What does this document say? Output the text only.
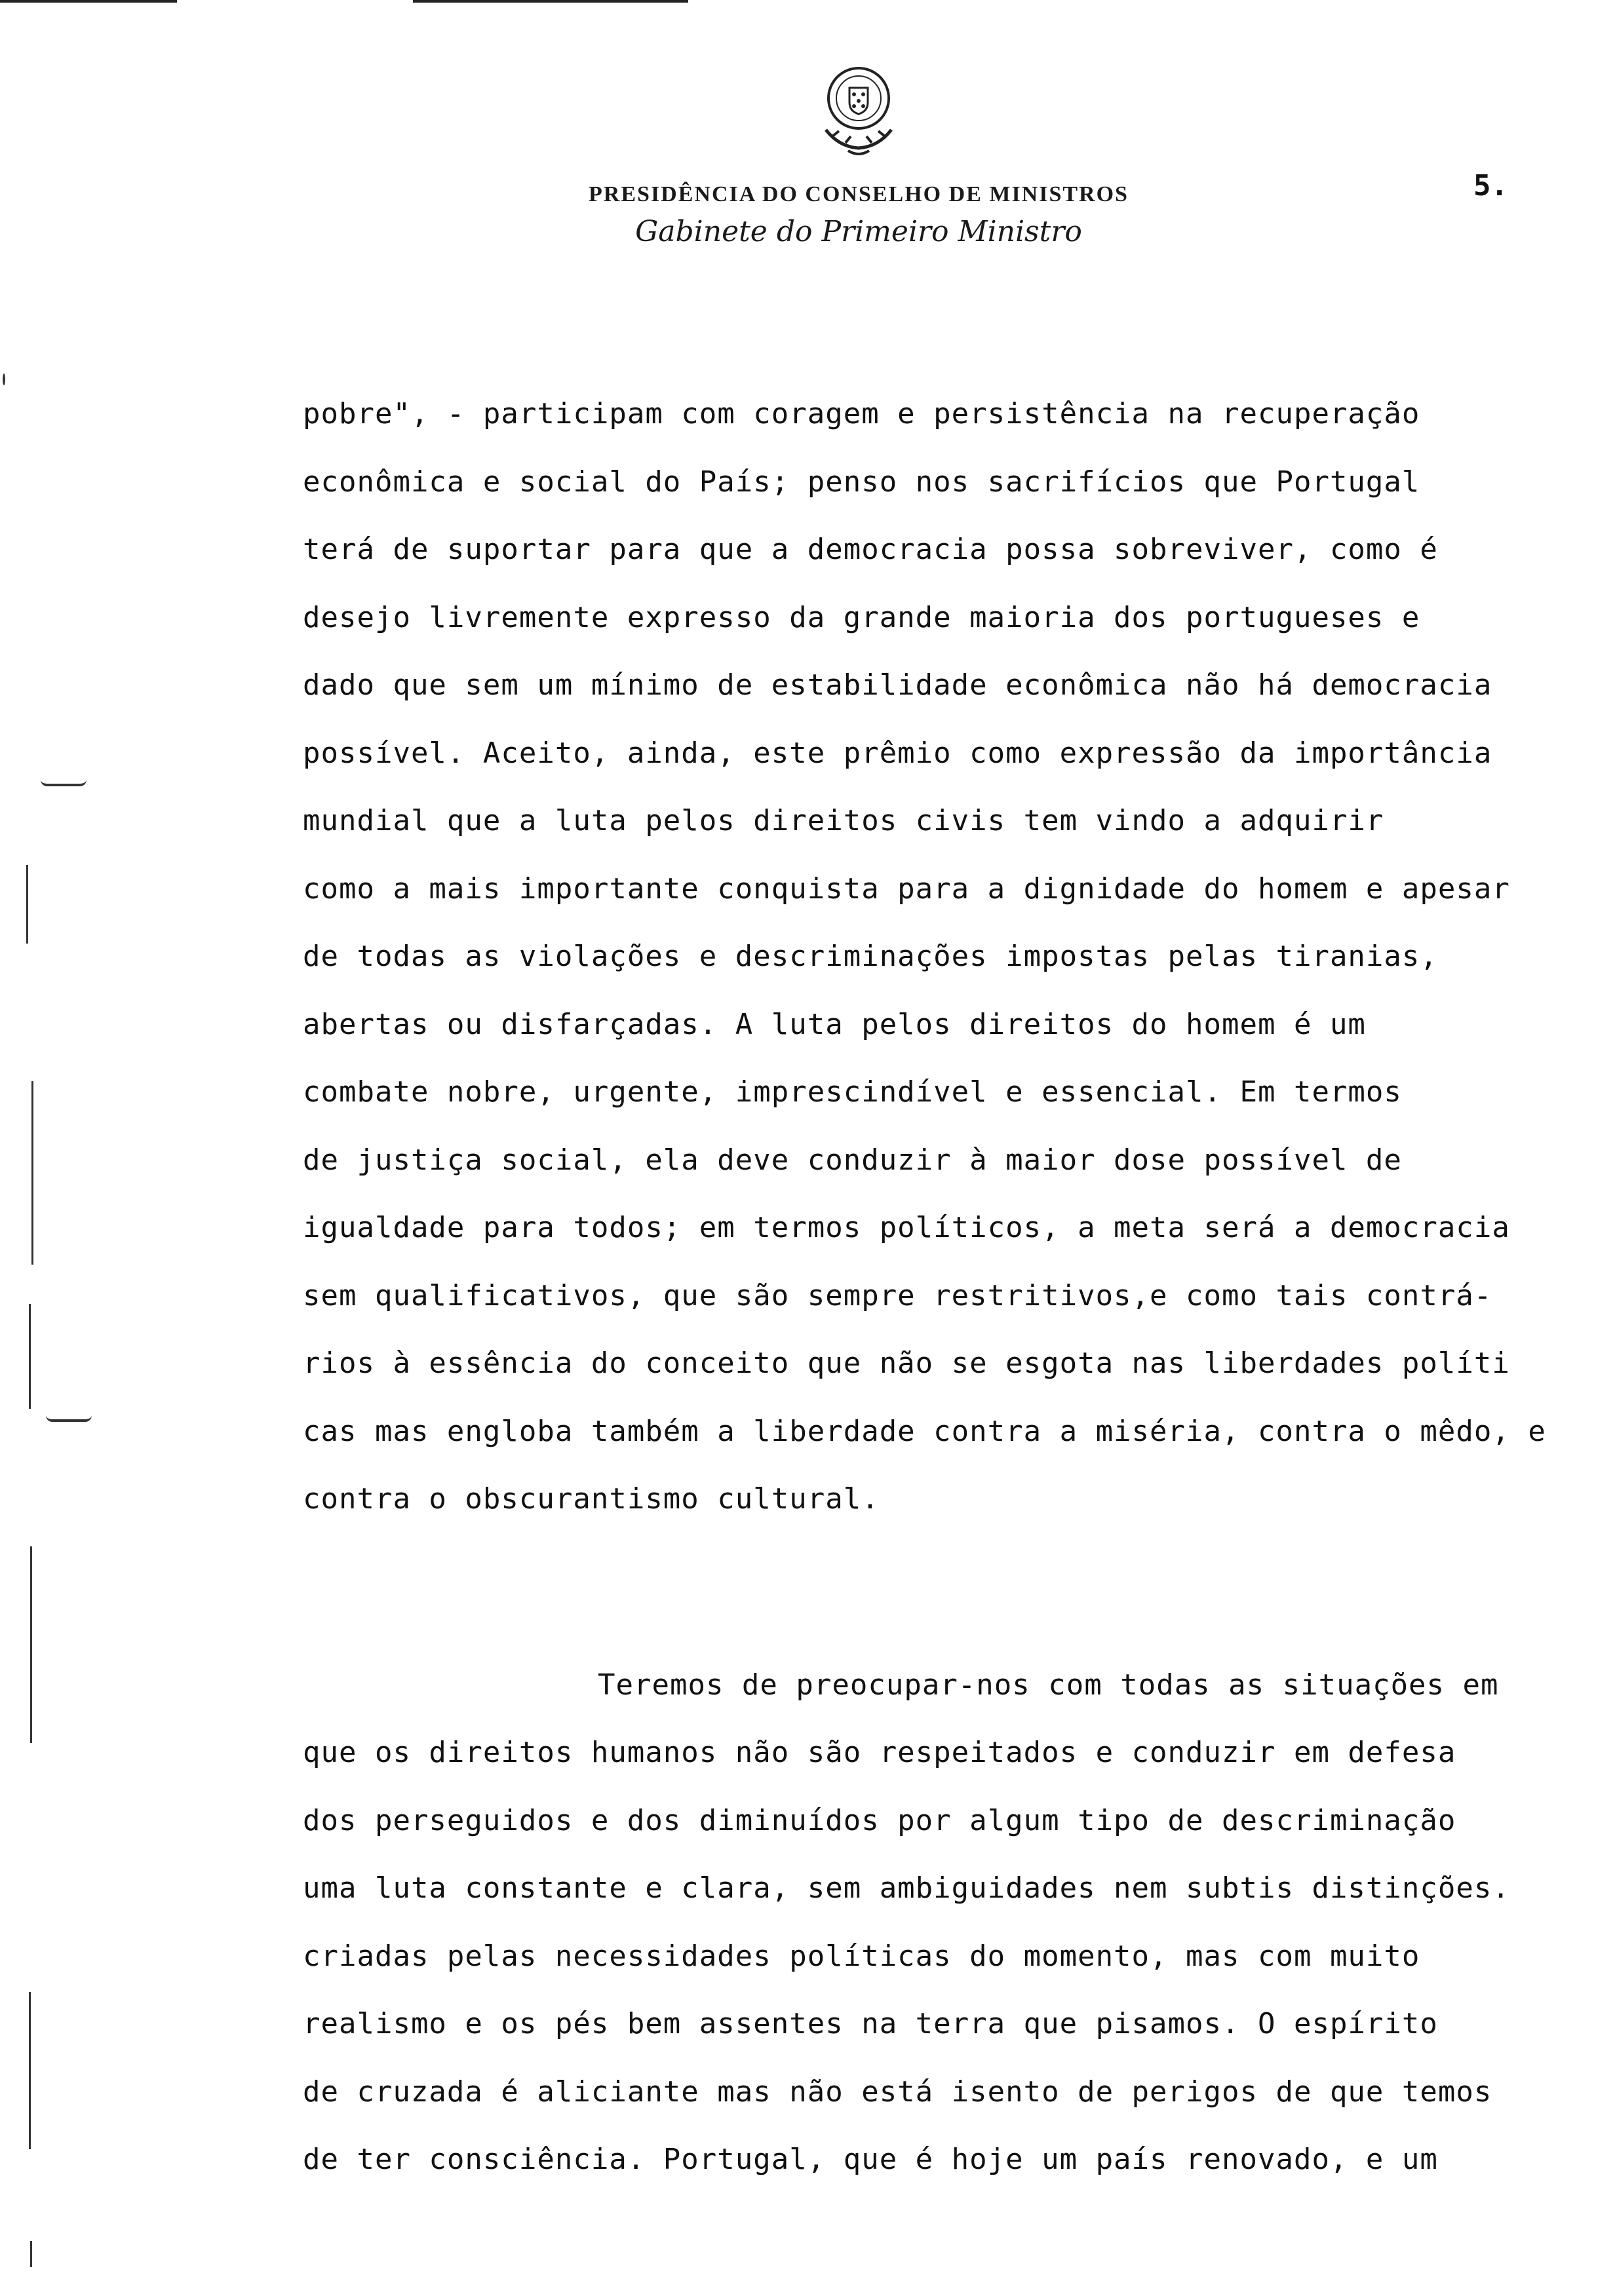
PRESIDÊNCIA DO CONSELHO DE MINISTROS
Gabinete do Primeiro Ministro
5.
pobre", - participam com coragem e persistência na recuperação
econômica e social do País; penso nos sacrifícios que Portugal
terá de suportar para que a democracia possa sobreviver, como é
desejo livremente expresso da grande maioria dos portugueses e
dado que sem um mínimo de estabilidade econômica não há democracia
possível. Aceito, ainda, este prêmio como expressão da importância
mundial que a luta pelos direitos civis tem vindo a adquirir
como a mais importante conquista para a dignidade do homem e apesar
de todas as violações e descriminações impostas pelas tiranias,
abertas ou disfarçadas. A luta pelos direitos do homem é um
combate nobre, urgente, imprescindível e essencial. Em termos
de justiça social, ela deve conduzir à maior dose possível de
igualdade para todos; em termos políticos, a meta será a democracia
sem qualificativos, que são sempre restritivos,e como tais contrá-
rios à essência do conceito que não se esgota nas liberdades políti
cas mas engloba também a liberdade contra a miséria, contra o mêdo, e
contra o obscurantismo cultural.
Teremos de preocupar-nos com todas as situações em
que os direitos humanos não são respeitados e conduzir em defesa
dos perseguidos e dos diminuídos por algum tipo de descriminação
uma luta constante e clara, sem ambiguidades nem subtis distinções.
criadas pelas necessidades políticas do momento, mas com muito
realismo e os pés bem assentes na terra que pisamos. O espírito
de cruzada é aliciante mas não está isento de perigos de que temos
de ter consciência. Portugal, que é hoje um país renovado, e um
